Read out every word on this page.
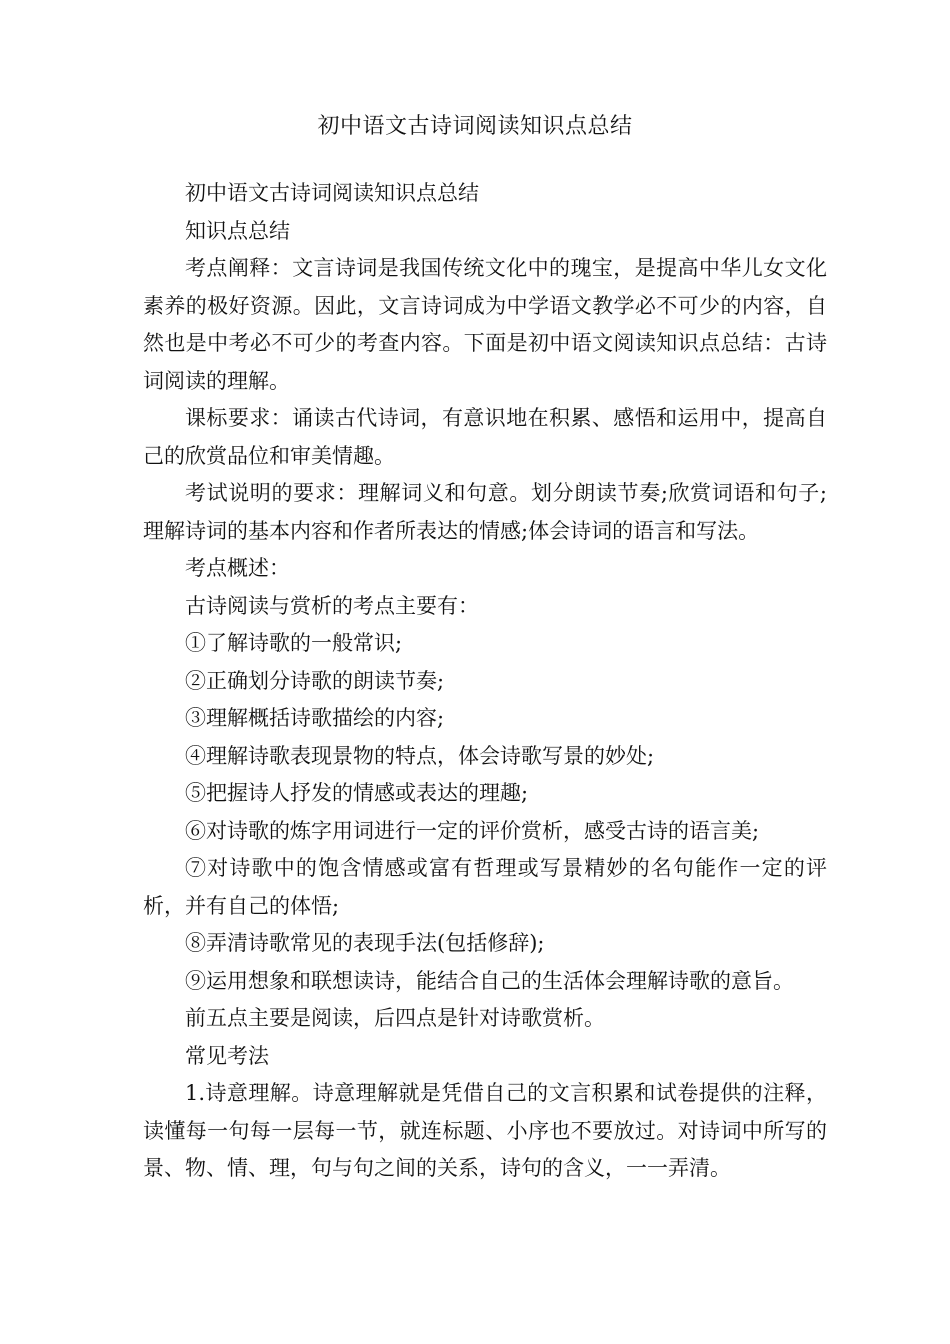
初中语文古诗词阅读知识点总结

初中语文古诗词阅读知识点总结

知识点总结

考点阐释：文言诗词是我国传统文化中的瑰宝，是提高中华儿女文化素养的极好资源。因此，文言诗词成为中学语文教学必不可少的内容，自然也是中考必不可少的考查内容。下面是初中语文阅读知识点总结：古诗词阅读的理解。

课标要求：诵读古代诗词，有意识地在积累、感悟和运用中，提高自己的欣赏品位和审美情趣。

考试说明的要求：理解词义和句意。划分朗读节奏;欣赏词语和句子;理解诗词的基本内容和作者所表达的情感;体会诗词的语言和写法。

考点概述：

古诗阅读与赏析的考点主要有：

①了解诗歌的一般常识;

②正确划分诗歌的朗读节奏;

③理解概括诗歌描绘的内容;

④理解诗歌表现景物的特点，体会诗歌写景的妙处;

⑤把握诗人抒发的情感或表达的理趣;

⑥对诗歌的炼字用词进行一定的评价赏析，感受古诗的语言美;

⑦对诗歌中的饱含情感或富有哲理或写景精妙的名句能作一定的评析，并有自己的体悟;

⑧弄清诗歌常见的表现手法(包括修辞);

⑨运用想象和联想读诗，能结合自己的生活体会理解诗歌的意旨。

前五点主要是阅读，后四点是针对诗歌赏析。

常见考法

1.诗意理解。诗意理解就是凭借自己的文言积累和试卷提供的注释，读懂每一句每一层每一节，就连标题、小序也不要放过。对诗词中所写的景、物、情、理，句与句之间的关系，诗句的含义，一一弄清。
